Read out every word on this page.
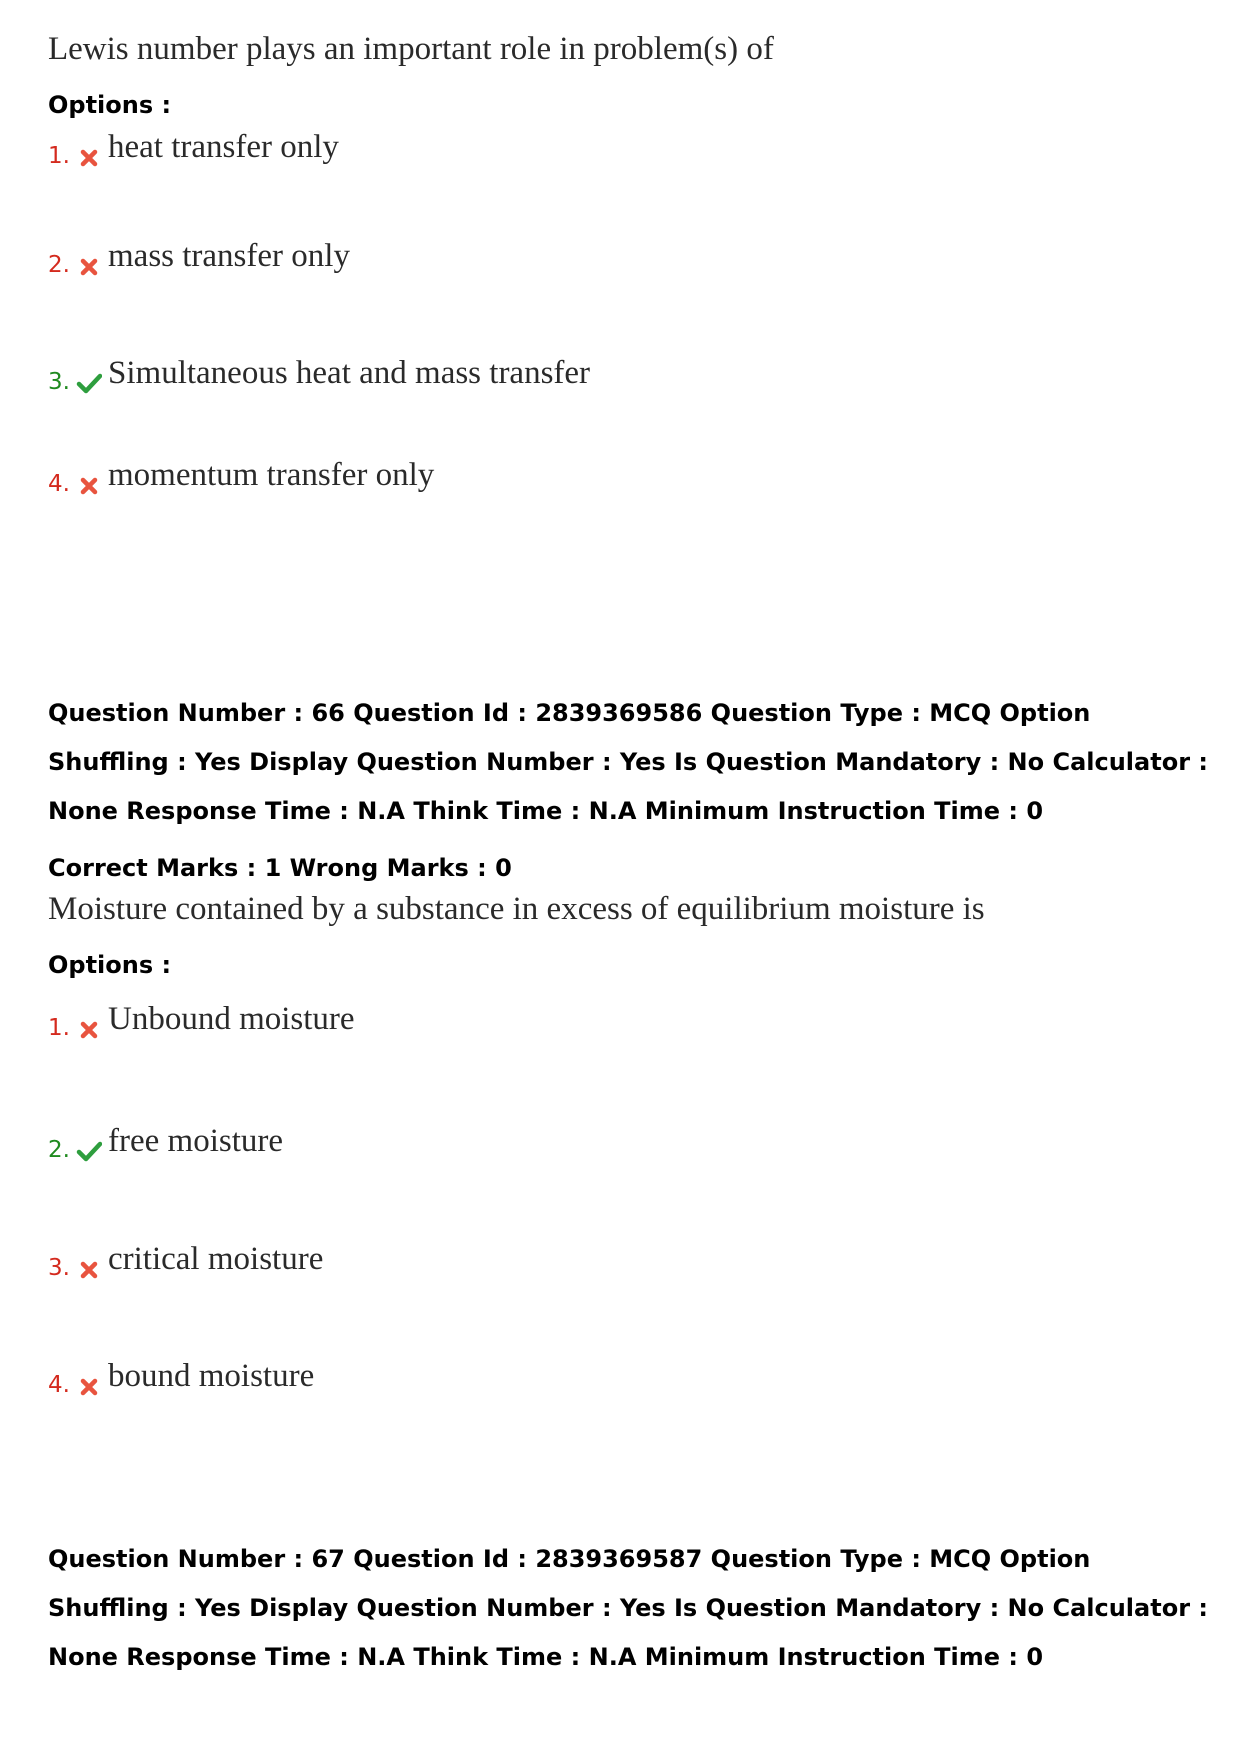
Lewis number plays an important role in problem(s) of
Options :
1. heat transfer only
2. mass transfer only
3. Simultaneous heat and mass transfer
4. momentum transfer only
Question Number : 66 Question Id : 2839369586 Question Type : MCQ Option Shuffling : Yes Display Question Number : Yes Is Question Mandatory : No Calculator : None Response Time : N.A Think Time : N.A Minimum Instruction Time : 0
Correct Marks : 1 Wrong Marks : 0
Moisture contained by a substance in excess of equilibrium moisture is
Options :
1. Unbound moisture
2. free moisture
3. critical moisture
4. bound moisture
Question Number : 67 Question Id : 2839369587 Question Type : MCQ Option Shuffling : Yes Display Question Number : Yes Is Question Mandatory : No Calculator : None Response Time : N.A Think Time : N.A Minimum Instruction Time : 0
